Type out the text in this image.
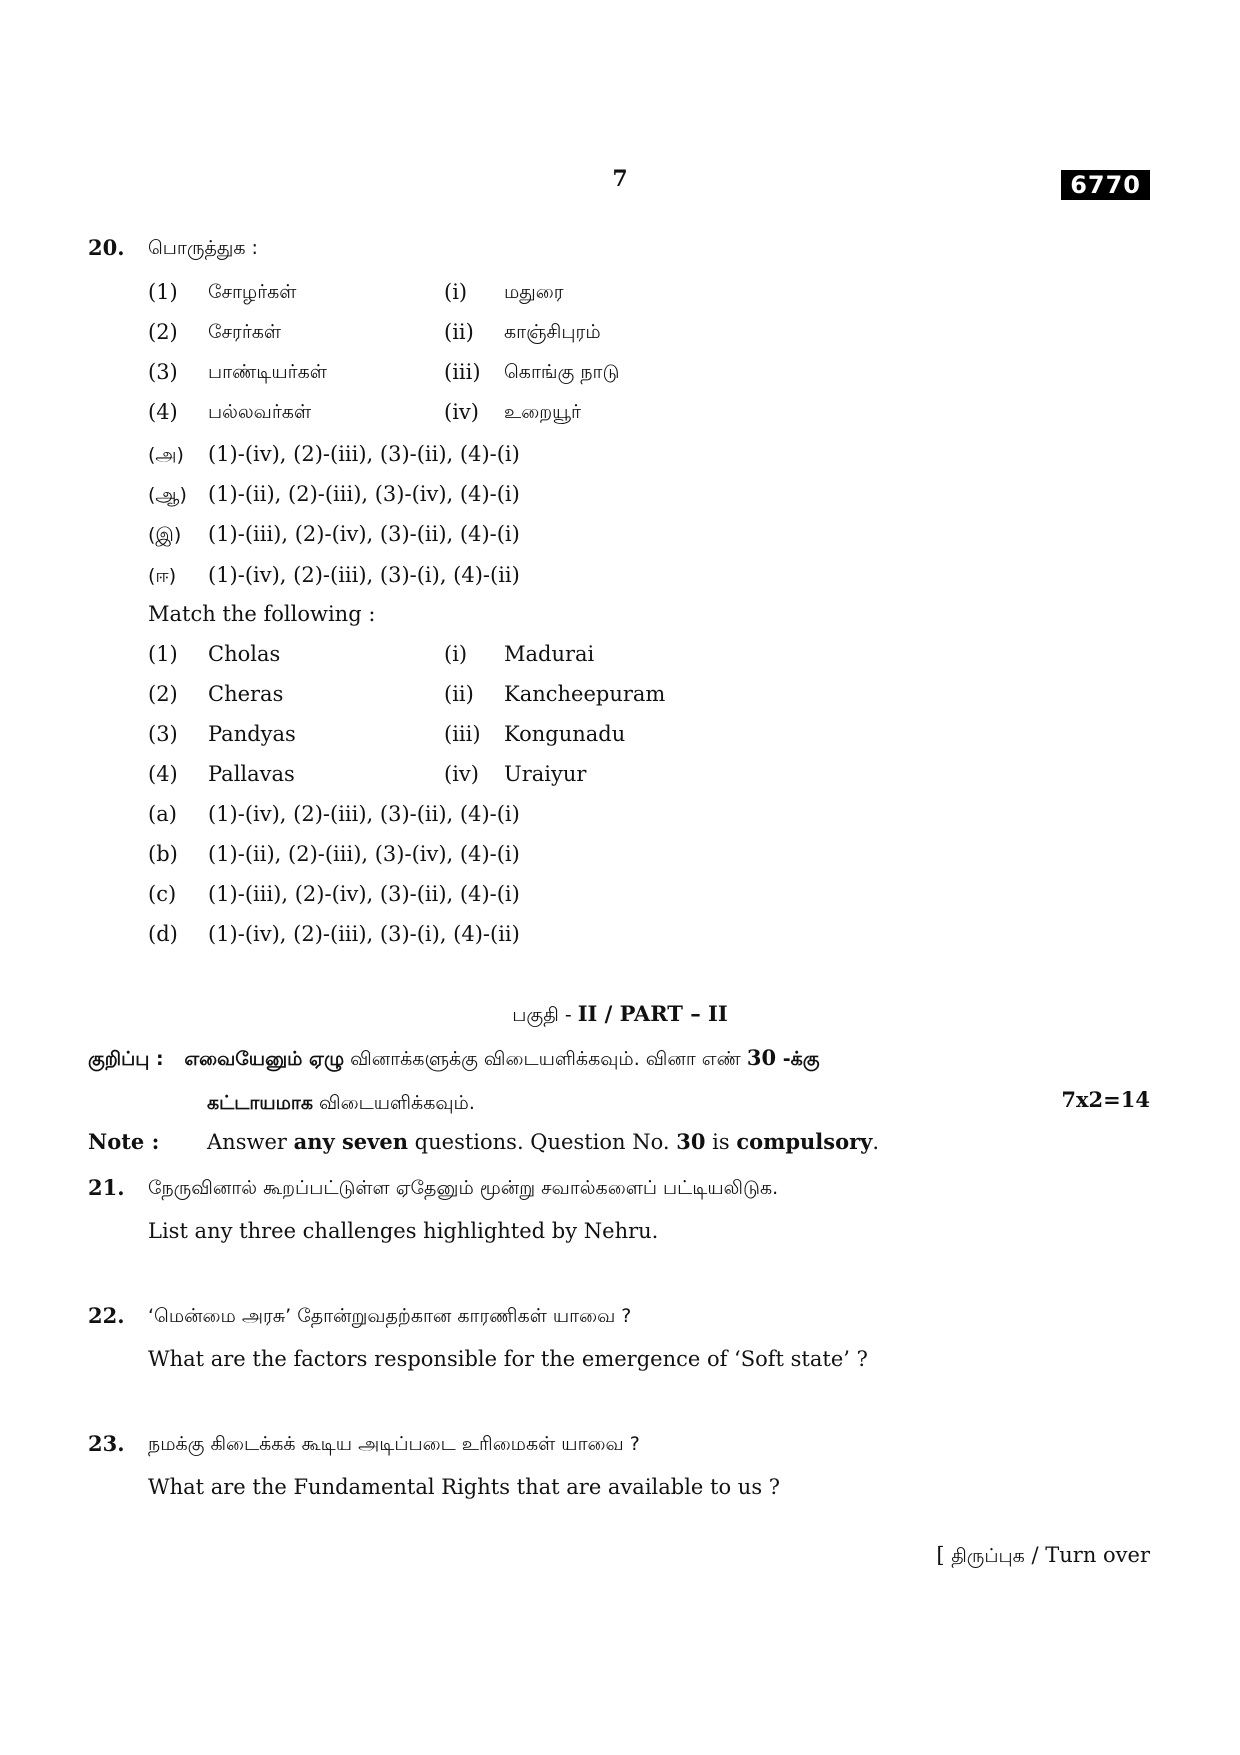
7	6770
20. பொருத்துக :
(1) சோழர்கள்	(i) மதுரை
(2) சேரர்கள்	(ii) காஞ்சிபுரம்
(3) பாண்டியர்கள்	(iii) கொங்கு நாடு
(4) பல்லவர்கள்	(iv) உறையூர்
(அ) (1)-(iv), (2)-(iii), (3)-(ii), (4)-(i)
(ஆ) (1)-(ii), (2)-(iii), (3)-(iv), (4)-(i)
(இ) (1)-(iii), (2)-(iv), (3)-(ii), (4)-(i)
(ஈ) (1)-(iv), (2)-(iii), (3)-(i), (4)-(ii)
Match the following :
(1) Cholas	(i) Madurai
(2) Cheras	(ii) Kancheepuram
(3) Pandyas	(iii) Kongunadu
(4) Pallavas	(iv) Uraiyur
(a) (1)-(iv), (2)-(iii), (3)-(ii), (4)-(i)
(b) (1)-(ii), (2)-(iii), (3)-(iv), (4)-(i)
(c) (1)-(iii), (2)-(iv), (3)-(ii), (4)-(i)
(d) (1)-(iv), (2)-(iii), (3)-(i), (4)-(ii)
பகுதி - II / PART – II
குறிப்பு : எவையேனும் ஏழு வினாக்களுக்கு விடையளிக்கவும். வினா எண் 30 -க்கு
கட்டாயமாக விடையளிக்கவும்.	7x2=14
Note : Answer any seven questions. Question No. 30 is compulsory.
21. நேருவினால் கூறப்பட்டுள்ள ஏதேனும் மூன்று சவால்களைப் பட்டியலிடுக.
List any three challenges highlighted by Nehru.
22. ‘மென்மை அரசு’ தோன்றுவதற்கான காரணிகள் யாவை ?
What are the factors responsible for the emergence of ‘Soft state’ ?
23. நமக்கு கிடைக்கக் கூடிய அடிப்படை உரிமைகள் யாவை ?
What are the Fundamental Rights that are available to us ?
[ திருப்புக / Turn over
